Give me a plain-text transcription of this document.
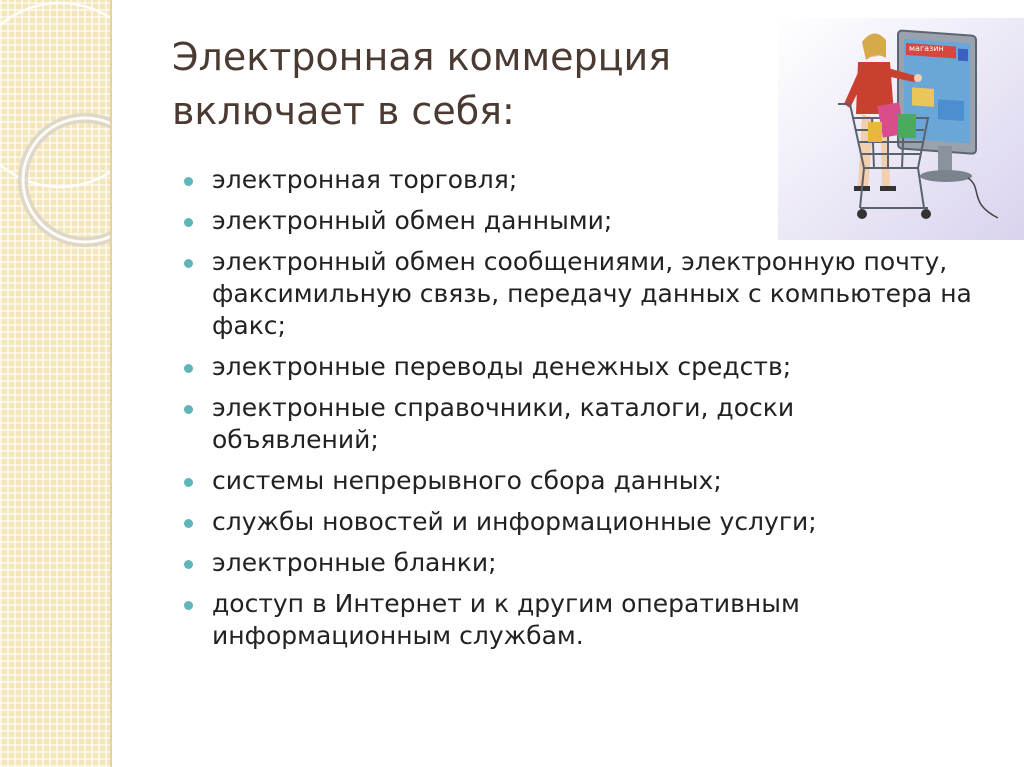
Электронная коммерция
включает в себя:
магазин
электронная торговля;
электронный обмен данными;
электронный обмен сообщениями, электронную почту, факсимильную связь, передачу данных с компьютера на факс;
электронные переводы денежных средств;
электронные справочники, каталоги, доски объявлений;
системы непрерывного сбора данных;
службы новостей и информационные услуги;
электронные бланки;
доступ в Интернет и к другим оперативным информационным службам.
